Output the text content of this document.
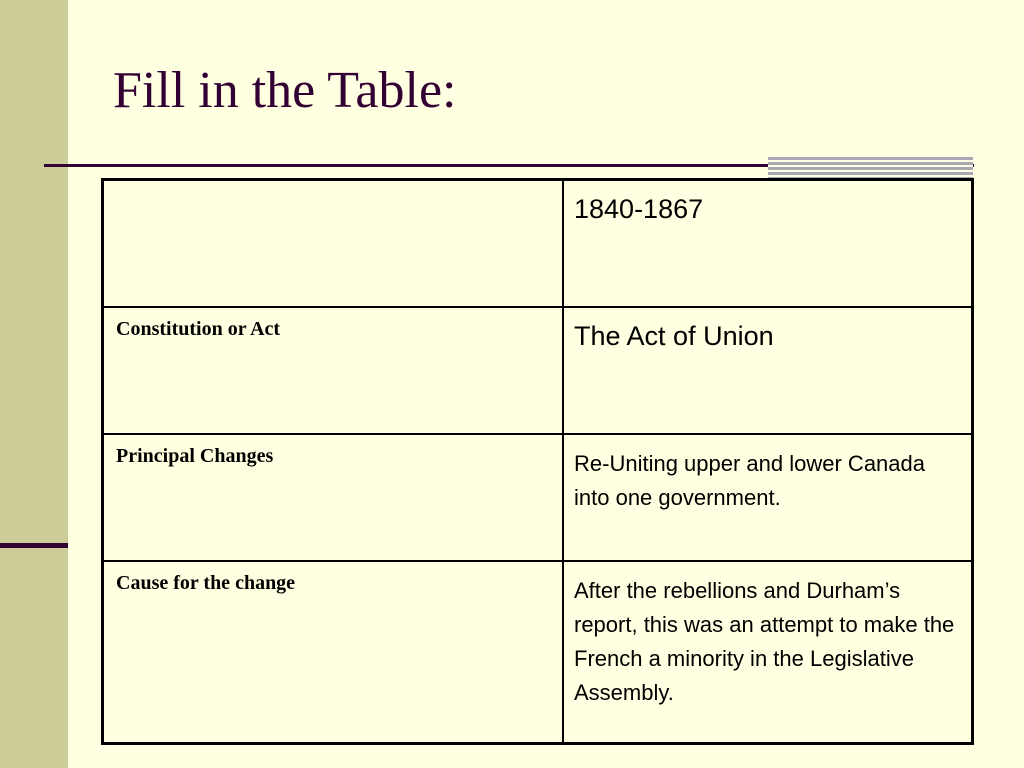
Fill in the Table:

	1840-1867

Constitution or Act	The Act of Union

Principal Changes	Re-Uniting upper and lower Canada into one government.

Cause for the change	After the rebellions and Durham’s report, this was an attempt to make the French a minority in the Legislative Assembly.
